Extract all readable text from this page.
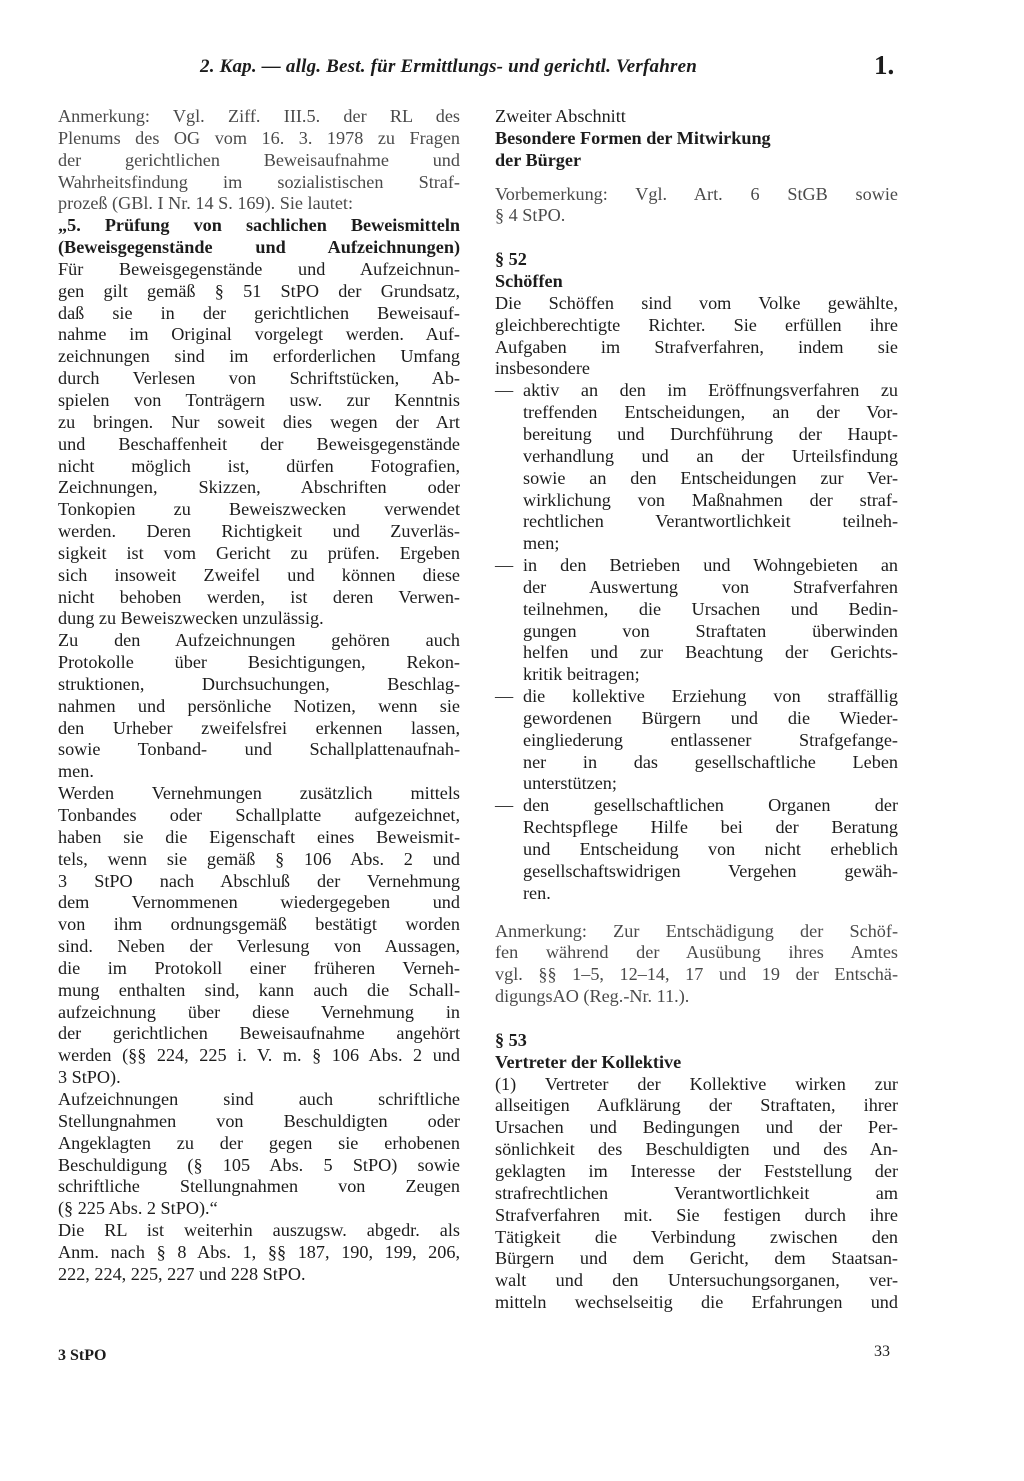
2. Kap. — allg. Best. für Ermittlungs- und gerichtl. Verfahren	1.

Anmerkung: Vgl. Ziff. III.5. der RL des
Plenums des OG vom 16. 3. 1978 zu Fragen
der gerichtlichen Beweisaufnahme und
Wahrheitsfindung im sozialistischen Straf-
prozeß (GBl. I Nr. 14 S. 169). Sie lautet:

„5. Prüfung von sachlichen Beweismitteln
(Beweisgegenstände und Aufzeichnungen)

Für Beweisgegenstände und Aufzeichnun-
gen gilt gemäß § 51 StPO der Grundsatz,
daß sie in der gerichtlichen Beweisauf-
nahme im Original vorgelegt werden. Auf-
zeichnungen sind im erforderlichen Umfang
durch Verlesen von Schriftstücken, Ab-
spielen von Tonträgern usw. zur Kenntnis
zu bringen. Nur soweit dies wegen der Art
und Beschaffenheit der Beweisgegenstände
nicht möglich ist, dürfen Fotografien,
Zeichnungen, Skizzen, Abschriften oder
Tonkopien zu Beweiszwecken verwendet
werden. Deren Richtigkeit und Zuverläs-
sigkeit ist vom Gericht zu prüfen. Ergeben
sich insoweit Zweifel und können diese
nicht behoben werden, ist deren Verwen-
dung zu Beweiszwecken unzulässig.

Zu den Aufzeichnungen gehören auch
Protokolle über Besichtigungen, Rekon-
struktionen, Durchsuchungen, Beschlag-
nahmen und persönliche Notizen, wenn sie
den Urheber zweifelsfrei erkennen lassen,
sowie Tonband- und Schallplattenaufnah-
men.

Werden Vernehmungen zusätzlich mittels
Tonbandes oder Schallplatte aufgezeichnet,
haben sie die Eigenschaft eines Beweismit-
tels, wenn sie gemäß § 106 Abs. 2 und
3 StPO nach Abschluß der Vernehmung
dem Vernommenen wiedergegeben und
von ihm ordnungsgemäß bestätigt worden
sind. Neben der Verlesung von Aussagen,
die im Protokoll einer früheren Verneh-
mung enthalten sind, kann auch die Schall-
aufzeichnung über diese Vernehmung in
der gerichtlichen Beweisaufnahme angehört
werden (§§ 224, 225 i. V. m. § 106 Abs. 2 und
3 StPO).

Aufzeichnungen sind auch schriftliche
Stellungnahmen von Beschuldigten oder
Angeklagten zu der gegen sie erhobenen
Beschuldigung (§ 105 Abs. 5 StPO) sowie
schriftliche Stellungnahmen von Zeugen
(§ 225 Abs. 2 StPO).“

Die RL ist weiterhin auszugsw. abgedr. als
Anm. nach § 8 Abs. 1, §§ 187, 190, 199, 206,
222, 224, 225, 227 und 228 StPO.

Zweiter Abschnitt

Besondere Formen der Mitwirkung
der Bürger

Vorbemerkung: Vgl. Art. 6 StGB sowie
§ 4 StPO.

§ 52

Schöffen

Die Schöffen sind vom Volke gewählte,
gleichberechtigte Richter. Sie erfüllen ihre
Aufgaben im Strafverfahren, indem sie
insbesondere

— aktiv an den im Eröffnungsverfahren zu
treffenden Entscheidungen, an der Vor-
bereitung und Durchführung der Haupt-
verhandlung und an der Urteilsfindung
sowie an den Entscheidungen zur Ver-
wirklichung von Maßnahmen der straf-
rechtlichen Verantwortlichkeit teilneh-
men;
— in den Betrieben und Wohngebieten an
der Auswertung von Strafverfahren
teilnehmen, die Ursachen und Bedin-
gungen von Straftaten überwinden
helfen und zur Beachtung der Gerichts-
kritik beitragen;
— die kollektive Erziehung von straffällig
gewordenen Bürgern und die Wieder-
eingliederung entlassener Strafgefange-
ner in das gesellschaftliche Leben
unterstützen;
— den gesellschaftlichen Organen der
Rechtspflege Hilfe bei der Beratung
und Entscheidung von nicht erheblich
gesellschaftswidrigen Vergehen gewäh-
ren.

Anmerkung: Zur Entschädigung der Schöf-
fen während der Ausübung ihres Amtes
vgl. §§ 1–5, 12–14, 17 und 19 der Entschä-
digungsAO (Reg.-Nr. 11.).

§ 53

Vertreter der Kollektive

(1) Vertreter der Kollektive wirken zur
allseitigen Aufklärung der Straftaten, ihrer
Ursachen und Bedingungen und der Per-
sönlichkeit des Beschuldigten und des An-
geklagten im Interesse der Feststellung der
strafrechtlichen Verantwortlichkeit am
Strafverfahren mit. Sie festigen durch ihre
Tätigkeit die Verbindung zwischen den
Bürgern und dem Gericht, dem Staatsan-
walt und den Untersuchungsorganen, ver-
mitteln wechselseitig die Erfahrungen und

3 StPO	33
